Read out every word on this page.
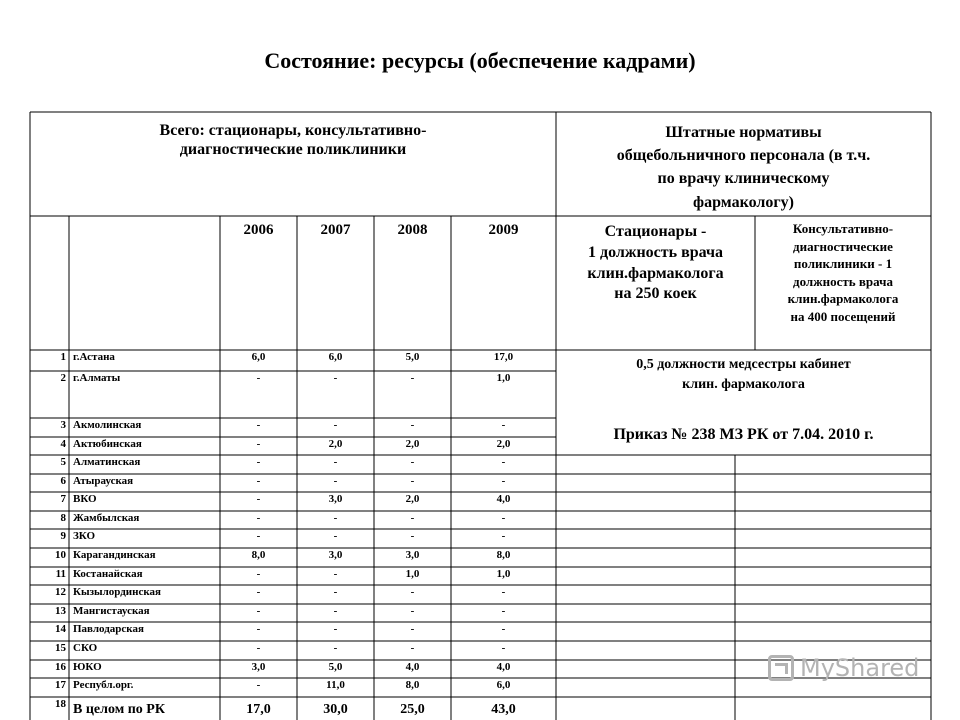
Состояние: ресурсы (обеспечение кадрами)
Всего: стационары, консультативно-
диагностические поликлиники
Штатные нормативы
общебольничного персонала (в т.ч.
по врачу клиническому
фармакологу)
2006	2007	2008	2009	Стационары -
1 должность врача
клин.фармаколога
на 250 коек
Консультативно-
диагностические
поликлиники - 1
должность врача
клин.фармаколога
на 400 посещений
0,5 должности медсестры кабинет
клин. фармаколога
Приказ № 238 МЗ РК от 7.04. 2010 г.
1 г.Астана	6,0	6,0	5,0	17,0
2 г.Алматы	-	-	-	1,0
3 Акмолинская	-	-	-	-
4 Актюбинская	-	2,0	2,0	2,0
5 Алматинская	-	-	-	-
6 Атырауская	-	-	-	-
7 ВКО	-	3,0	2,0	4,0
8 Жамбылская	-	-	-	-
9 ЗКО	-	-	-	-
10 Карагандинская	8,0	3,0	3,0	8,0
11 Костанайская	-	-	1,0	1,0
12 Кызылординская	-	-	-	-
13 Мангистауская	-	-	-	-
14 Павлодарская	-	-	-	-
15 СКО	-	-	-	-
16 ЮКО	3,0	5,0	4,0	4,0
17 Республ.орг.	-	11,0	8,0	6,0
18 В целом по РК	17,0	30,0	25,0	43,0
MyShared
